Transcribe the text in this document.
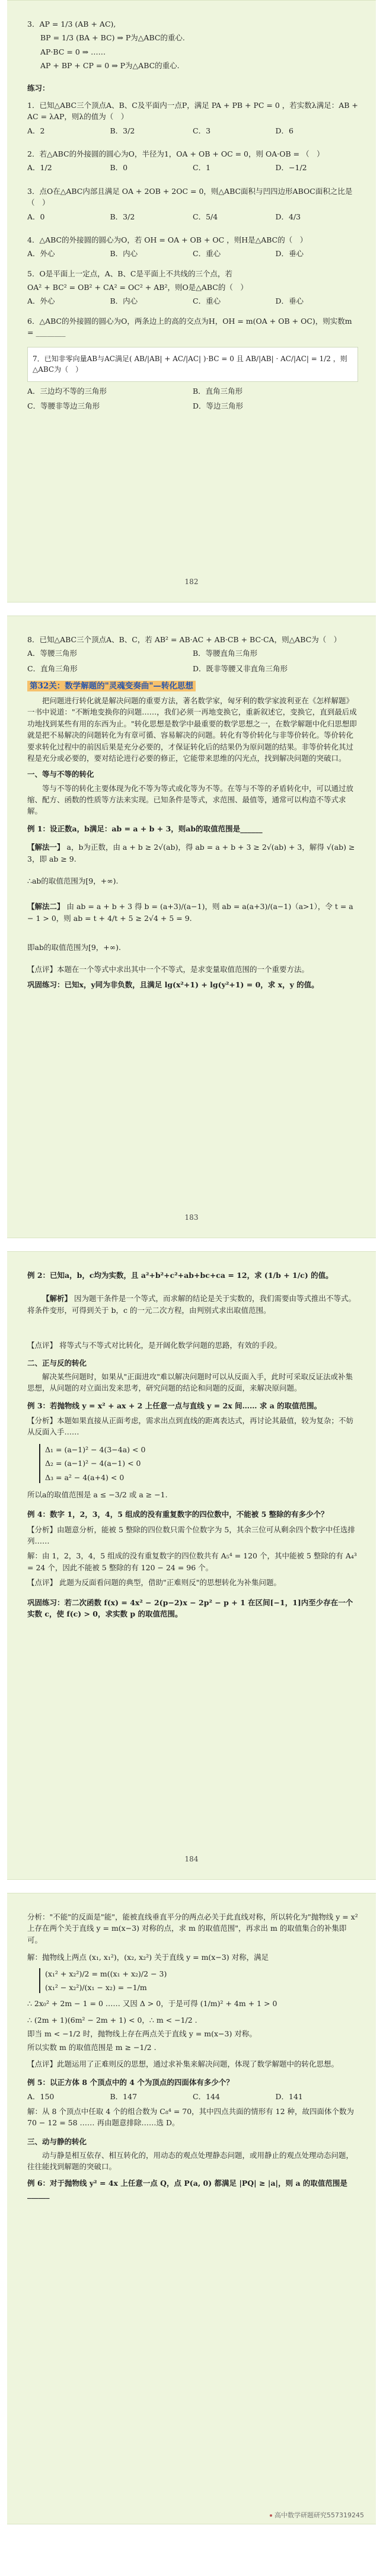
3．AP = 1/3 (AB + AC),
BP = 1/3 (BA + BC) ⇒ P为△ABC的重心.
AP·BC = 0 ⇒ ……
AP + BP + CP = 0 ⇒ P为△ABC的重心.
练习：
1．已知△ABC三个顶点A、B、C及平面内一点P，满足 PA + PB + PC = 0 ，若实数λ满足：AB + AC = λAP，则λ的值为（　）
A．2	B．3/2	C．3	D．6
2．若△ABC的外接圆的圆心为O，半径为1，OA + OB + OC = 0，则 OA·OB = （　）
A．1/2	B．0	C．1	D．−1/2
3．点O在△ABC内部且满足 OA + 2OB + 2OC = 0，则△ABC面积与凹四边形ABOC面积之比是（　）
A．0	B．3/2	C．5/4	D．4/3
4．△ABC的外接圆的圆心为O，若 OH = OA + OB + OC ，则H是△ABC的（　）
A．外心	B．内心	C．重心	D．垂心
5．O是平面上一定点，A、B、C是平面上不共线的三个点，若
OA² + BC² = OB² + CA² = OC² + AB²，则O是△ABC的（　）
A．外心	B．内心	C．重心	D．垂心
6．△ABC的外接圆的圆心为O，两条边上的高的交点为H，OH = m(OA + OB + OC)，则实数m = ________
7．已知非零向量AB与AC满足( AB/|AB| + AC/|AC| )·BC = 0 且 AB/|AB| · AC/|AC| = 1/2 ，则△ABC为（　）
A．三边均不等的三角形	B．直角三角形
C．等腰非等边三角形	D．等边三角形
182
8．已知△ABC三个顶点A、B、C，若 AB² = AB·AC + AB·CB + BC·CA，则△ABC为（　）
A．等腰三角形	B．等腰直角三角形
C．直角三角形	D．既非等腰又非直角三角形
第32关：数学解题的"灵魂变奏曲"—转化思想
把问题进行转化就是解决问题的重要方法，著名数学家，匈牙利的数学家波利亚在《怎样解题》一书中说道："不断地变换你的问题……，我们必须一再地变换它，重新叙述它，变换它，直到最后成功地找到某些有用的东西为止。"转化思想是数学中最重要的数学思想之一，在数学解题中化归思想即就是把不易解决的问题转化为有章可循、容易解决的问题。转化有等价转化与非等价转化。等价转化要求转化过程中的前因后果是充分必要的，才保证转化后的结果仍为原问题的结果。非等价转化其过程是充分或必要的，要对结论进行必要的修正，它能带来思维的闪光点，找到解决问题的突破口。
一、等与不等的转化
等与不等的转化主要体现为化不等为等式或化等为不等。在等与不等的矛盾转化中，可以通过放缩、配方、函数的性质等方法来实现。已知条件是等式，求范围、最值等，通常可以构造不等式求解。
例 1：设正数a，b满足：ab = a + b + 3，则ab的取值范围是______
【解法一】 a，b为正数，由 a + b ≥ 2√(ab)，得 ab = a + b + 3 ≥ 2√(ab) + 3，解得 √(ab) ≥ 3，即 ab ≥ 9.
∴ab的取值范围为[9，+∞).
【解法二】 由 ab = a + b + 3 得 b = (a+3)/(a−1)，则 ab = a(a+3)/(a−1)（a>1），令 t = a − 1 > 0，则 ab = t + 4/t + 5 ≥ 2√4 + 5 = 9.
即ab的取值范围为[9，+∞).
【点评】本题在一个等式中求出其中一个不等式，是求变量取值范围的一个重要方法。
巩固练习：已知x，y同为非负数，且满足 lg(x²+1) + lg(y²+1) = 0，求 x，y 的值。
183
例 2：已知a，b，c均为实数，且 a²+b²+c²+ab+bc+ca = 12，求 (1/b + 1/c) 的值。
【解析】 因为题干条件是一个等式，而求解的结论是关于实数的，我们需要由等式推出不等式。将条件变形，可得到关于 b，c 的一元二次方程，由判别式求出取值范围。
【点评】 将等式与不等式对比转化，是开阔化数学问题的思路，有效的手段。
二、正与反的转化
解决某些问题时，如果从"正面进攻"难以解决问题时可以从反面入手，此时可采取反证法或补集思想，从问题的对立面出发来思考，研究问题的结论和问题的反面，来解决原问题。
例 3：若抛物线 y = x² + ax + 2 上任意一点与直线 y = 2x 间…… 求 a 的取值范围。
【分析】本题如果直接从正面考虑，需求出点到直线的距离表达式，再讨论其最值，较为复杂；不妨从反面入手……
Δ₁ = (a−1)² − 4(3−4a) < 0
Δ₂ = (a−1)² − 4(a−1) < 0
Δ₃ = a² − 4(a+4) < 0
所以a的取值范围是 a ≤ −3/2 或 a ≥ −1.
例 4：数字 1，2，3，4，5 组成的没有重复数字的四位数中，不能被 5 整除的有多少个？
【分析】由题意分析，能被 5 整除的四位数只需个位数字为 5，其余三位可从剩余四个数字中任选排列……
解：由 1，2，3，4，5 组成的没有重复数字的四位数共有 A₅⁴ = 120 个，其中能被 5 整除的有 A₄³ = 24 个，因此不能被 5 整除的有 120 − 24 = 96 个。
【点评】 此题为反面看问题的典型，借助"正难则反"的思想转化为补集问题。
巩固练习：若二次函数 f(x) = 4x² − 2(p−2)x − 2p² − p + 1 在区间[−1，1]内至少存在一个实数 c，使 f(c) > 0，求实数 p 的取值范围。
184
分析："不能"的反面是"能"，能被直线垂直平分的两点必关于此直线对称，所以转化为"抛物线 y = x² 上存在两个关于直线 y = m(x−3) 对称的点，求 m 的取值范围"，再求出 m 的取值集合的补集即可。
解：抛物线上两点 (x₁, x₁²)，(x₂, x₂²) 关于直线 y = m(x−3) 对称，满足
(x₁² + x₂²)/2 = m((x₁ + x₂)/2 − 3)
(x₁² − x₂²)/(x₁ − x₂) = −1/m
∴ 2x₀² + 2m − 1 = 0 …… 又因 Δ > 0，于是可得 (1/m)² + 4m + 1 > 0
∴ (2m + 1)(6m² − 2m + 1) < 0，∴ m < −1/2 .
即当 m < −1/2 时，抛物线上存在两点关于直线 y = m(x−3) 对称。
所以实数 m 的取值范围是 m ≥ −1/2 .
【点评】此题运用了正难则反的思想，通过求补集来解决问题，体现了数学解题中的转化思想。
例 5：以正方体 8 个顶点中的 4 个为顶点的四面体有多少个？
A．150	B．147	C．144	D．141
解：从 8 个顶点中任取 4 个的组合数为 C₈⁴ = 70，其中四点共面的情形有 12 种，故四面体个数为 70 − 12 = 58 …… 再由题意排除……选 D。
三、动与静的转化
动与静是相互依存、相互转化的，用动态的观点处理静态问题，或用静止的观点处理动态问题，往往能找到解题的突破口。
例 6：对于抛物线 y² = 4x 上任意一点 Q，点 P(a, 0) 都满足 |PQ| ≥ |a|，则 a 的取值范围是______
高中数学研题研究557319245
